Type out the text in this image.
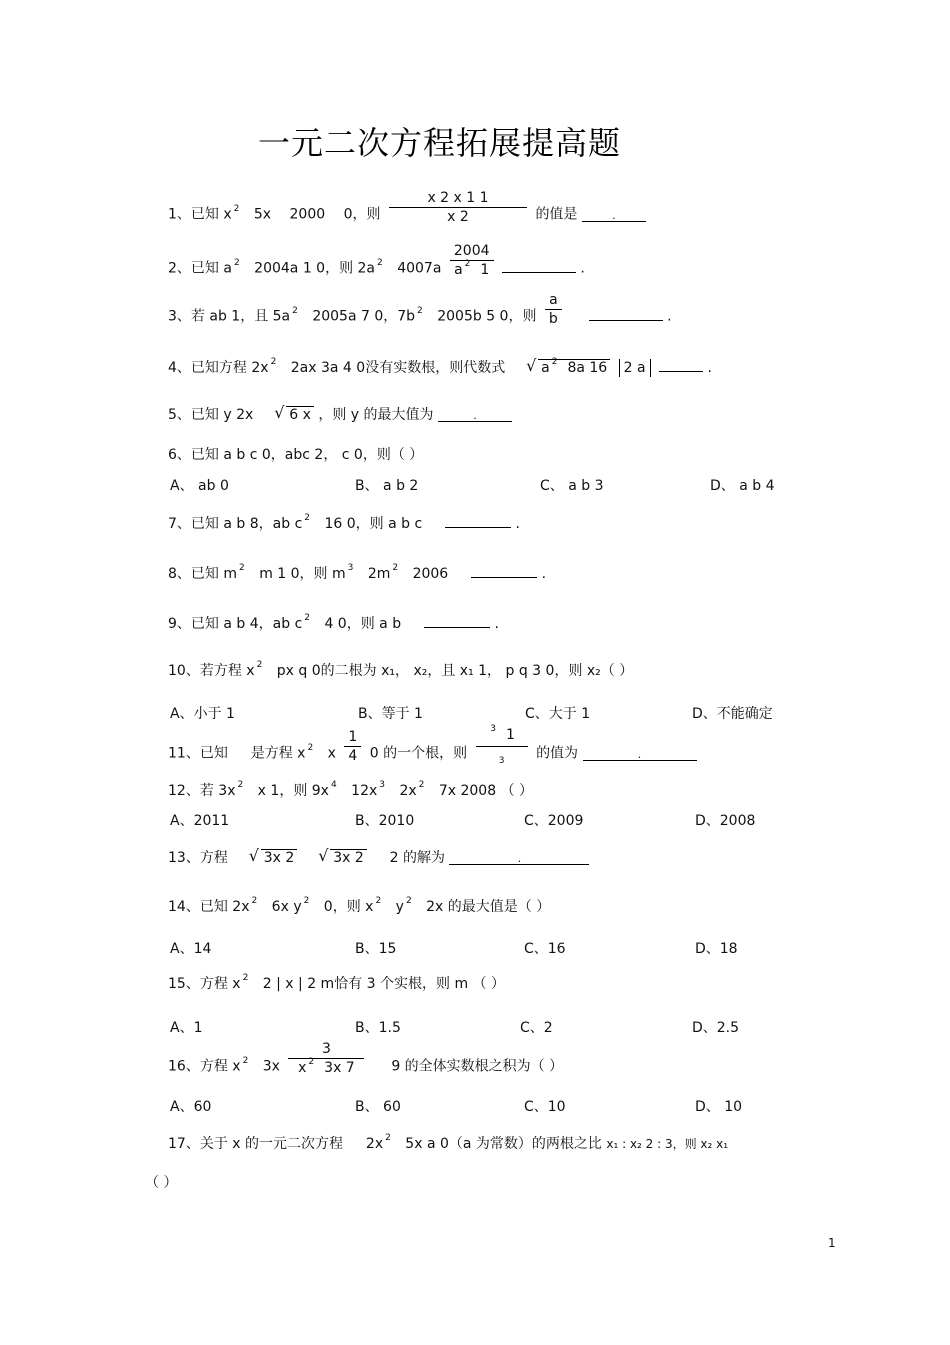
一元二次方程拓展提高题
1、已知 x $^2$ 5x 2000 0，则 $\frac{x 2 x 1 1}{x 2}$ 的值是	.
2、已知 a $^2$ 2004a 1 0，则 2a $^2$ $4007a \frac{2004}{a ^2 1}$	.
3、若 ab 1，且 5a $^2$ 2005a 7 0，7b $^2$ 2005b 5 0，则 $\frac{a}{b}$	.
4、已知方程 2x $^2$ 2ax 3a 4 0没有实数根，则代数式	√ a $^2$ 8a 16 2 a	.
5、已知 y 2x	√ 6 x ，则 y 的最大值为	.
6、已知 a b c 0，abc 2， c 0，则（ ）
A、 ab 0	B、 a b 2	C、 a b 3	D、 a b 4
7、已知 a b 8，ab c $^2$ 16 0，则 a b c	.
8、已知 m $^2$ m 1 0，则 m $^3$ 2m $^2$ 2006	.
9、已知 a b 4，ab c $^2$ 4 0，则 a b	.
10、若方程 x $^2$ px q 0的二根为 x₁， x₂，且 x₁ 1， p q 3 0，则 x₂（ ）
A、小于 1	B、等于 1	C、大于 1	D、不能确定
11、已知 是方程 x $^2$ x $\frac{1}{4} 0$ 的一个根，则 $\frac{^3 1}{_3}$ 的值为	.
12、若 3x $^2$ x 1，则 9x $^4$ 12x $^3$ 2x $^2$ 7x 2008 （ ）
A、2011	B、2010	C、2009	D、2008
13、方程	√ 3x 2	√ 3x 2 2 的解为	.
14、已知 2x $^2$ 6x y $^2$ 0，则 x $^2$ y $^2$ 2x 的最大值是（ ）
A、14	B、15	C、16	D、18
15、方程 x $^2$ 2 | x | 2 m恰有 3 个实根，则 m （ ）
A、1	B、1.5	C、2	D、2.5
16、方程 x $^2$ $3x \frac{3}{x ^2 3x 7} 9$ 的全体实数根之积为（ ）
A、60	B、 60	C、10	D、 10
17、关于 x 的一元二次方程 2x $^2$ 5x a 0（a 为常数）的两根之比 x₁ : x₂ 2 : 3，则 x₂ x₁
（ ）
1
